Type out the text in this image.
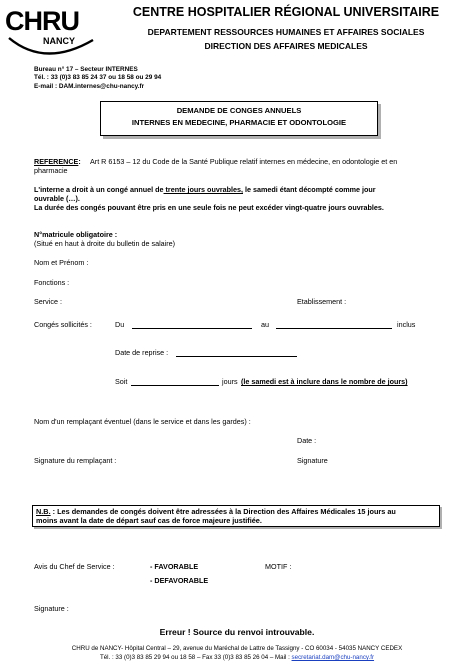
CHRU
NANCY
CENTRE HOSPITALIER RÉGIONAL UNIVERSITAIRE
DEPARTEMENT RESSOURCES HUMAINES ET AFFAIRES SOCIALES
DIRECTION DES AFFAIRES MEDICALES
Bureau n° 17 – Secteur INTERNES
Tél. : 33 (0)3 83 85 24 37 ou 18 58 ou 29 94
E-mail : DAM.internes@chu-nancy.fr
DEMANDE DE CONGES ANNUELS
INTERNES EN MEDECINE, PHARMACIE ET ODONTOLOGIE
REFERENCE: Art R 6153 – 12 du Code de la Santé Publique relatif internes en médecine, en odontologie et en
pharmacie
L'interne a droit à un congé annuel de trente jours ouvrables, le samedi étant décompté comme jour
ouvrable (…).
La durée des congés pouvant être pris en une seule fois ne peut excéder vingt-quatre jours ouvrables.
N°matricule obligatoire :
(Situé en haut à droite du bulletin de salaire)
Nom et Prénom :
Fonctions :
Service :	Etablissement :
Congés sollicités :	Du	au	inclus
Date de reprise :
Soit	jours (le samedi est à inclure dans le nombre de jours)
Nom d'un remplaçant éventuel (dans le service et dans les gardes) :
Date :
Signature du remplaçant :	Signature
N.B. : Les demandes de congés doivent être adressées à la Direction des Affaires Médicales 15 jours au
moins avant la date de départ sauf cas de force majeure justifiée.
Avis du Chef de Service :	- FAVORABLE	MOTIF :
- DEFAVORABLE
Signature :
Erreur ! Source du renvoi introuvable.
CHRU de NANCY- Hôpital Central – 29, avenue du Maréchal de Lattre de Tassigny - CO 60034 - 54035 NANCY CEDEX
Tél. : 33 (0)3 83 85 29 94 ou 18 58 – Fax 33 (0)3 83 85 26 04 – Mail : secretariat.dam@chu-nancy.fr
